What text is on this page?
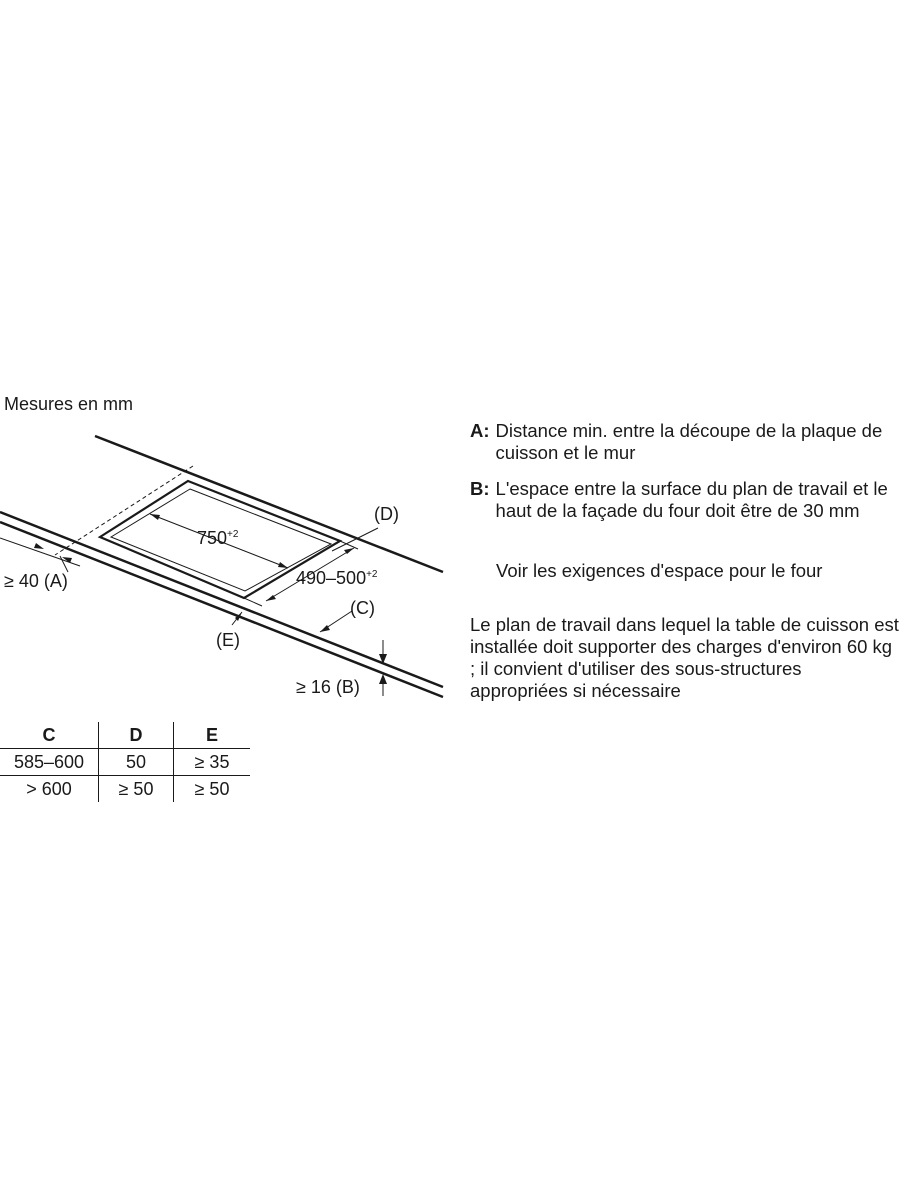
Mesures en mm
$750^{+2}$
$490-500^{+2}$
(D)
(C)
(E)
≥ 40 (A)
≥ 16 (B)
A: Distance min. entre la découpe de la plaque de cuisson et le mur
B: L'espace entre la surface du plan de travail et le haut de la façade du four doit être de 30 mm
Voir les exigences d'espace pour le four
Le plan de travail dans lequel la table de cuisson est installée doit supporter des charges d'environ 60 kg ; il convient d'utiliser des sous-structures appropriées si nécessaire
C	D	E
585–600	50	≥ 35
> 600	≥ 50	≥ 50
